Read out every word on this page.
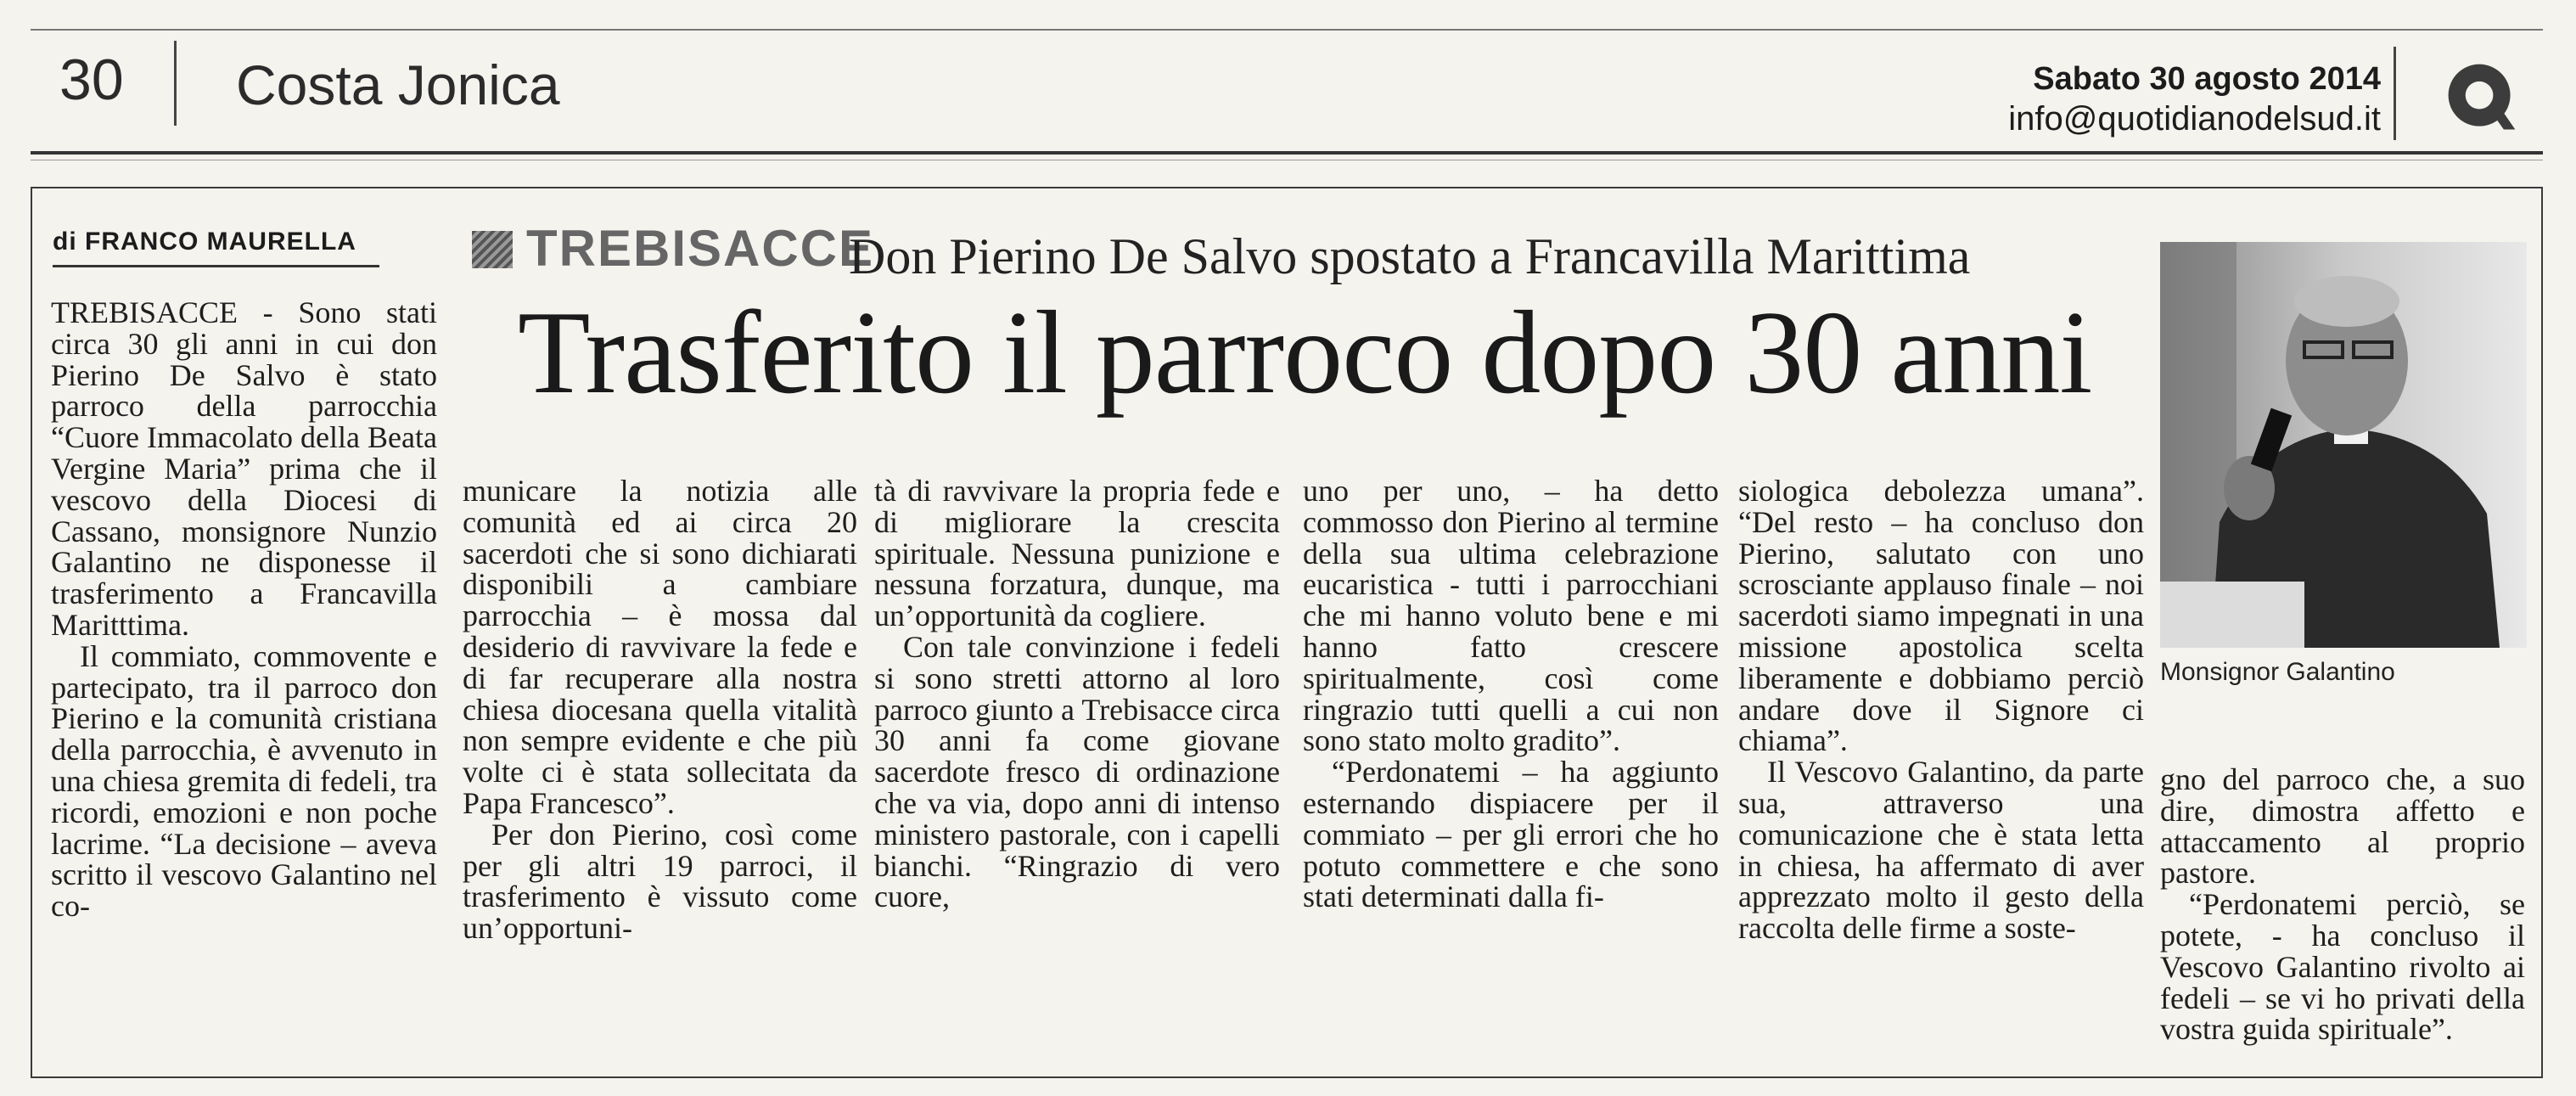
30 Costa Jonica	Sabato 30 agosto 2014
info@quotidianodelsud.it
di FRANCO MAURELLA	TREBISACCE
Don Pierino De Salvo spostato a Francavilla Marittima
Trasferito il parroco dopo 30 anni

TREBISACCE - Sono stati circa 30 gli anni in cui don Pierino De Salvo è stato parroco della parrocchia “Cuore Immacolato della Beata Vergine Maria” prima che il vescovo della Diocesi di Cassano, monsignore Nunzio Galantino ne disponesse il trasferimento a Francavilla Maritttima.

Il commiato, commovente e partecipato, tra il parroco don Pierino e la comunità cristiana della parrocchia, è avvenuto in una chiesa gremita di fedeli, tra ricordi, emozioni e non poche lacrime. “La decisione – aveva scritto il vescovo Galantino nel co-

municare la notizia alle comunità ed ai circa 20 sacerdoti che si sono dichiarati disponibili a cambiare parrocchia – è mossa dal desiderio di ravvivare la fede e di far recuperare alla nostra chiesa diocesana quella vitalità non sempre evidente e che più volte ci è stata sollecitata da Papa Francesco”.

Per don Pierino, così come per gli altri 19 parroci, il trasferimento è vissuto come un’opportuni-

tà di ravvivare la propria fede e di migliorare la crescita spirituale. Nessuna punizione e nessuna forzatura, dunque, ma un’opportunità da cogliere.

Con tale convinzione i fedeli si sono stretti attorno al loro parroco giunto a Trebisacce circa 30 anni fa come giovane sacerdote fresco di ordinazione che va via, dopo anni di intenso ministero pastorale, con i capelli bianchi. “Ringrazio di vero cuore,

uno per uno, – ha detto commosso don Pierino al termine della sua ultima celebrazione eucaristica - tutti i parrocchiani che mi hanno voluto bene e mi hanno fatto crescere spiritualmente, così come ringrazio tutti quelli a cui non sono stato molto gradito”.

“Perdonatemi – ha aggiunto esternando dispiacere per il commiato – per gli errori che ho potuto commettere e che sono stati determinati dalla fi-

siologica debolezza umana”. “Del resto – ha concluso don Pierino, salutato con uno scrosciante applauso finale – noi sacerdoti siamo impegnati in una missione apostolica scelta liberamente e dobbiamo perciò andare dove il Signore ci chiama”.

Il Vescovo Galantino, da parte sua, attraverso una comunicazione che è stata letta in chiesa, ha affermato di aver apprezzato molto il gesto della raccolta delle firme a soste-

gno del parroco che, a suo dire, dimostra affetto e attaccamento al proprio pastore.

“Perdonatemi perciò, se potete, - ha concluso il Vescovo Galantino rivolto ai fedeli – se vi ho privati della vostra guida spirituale”.

Monsignor Galantino
